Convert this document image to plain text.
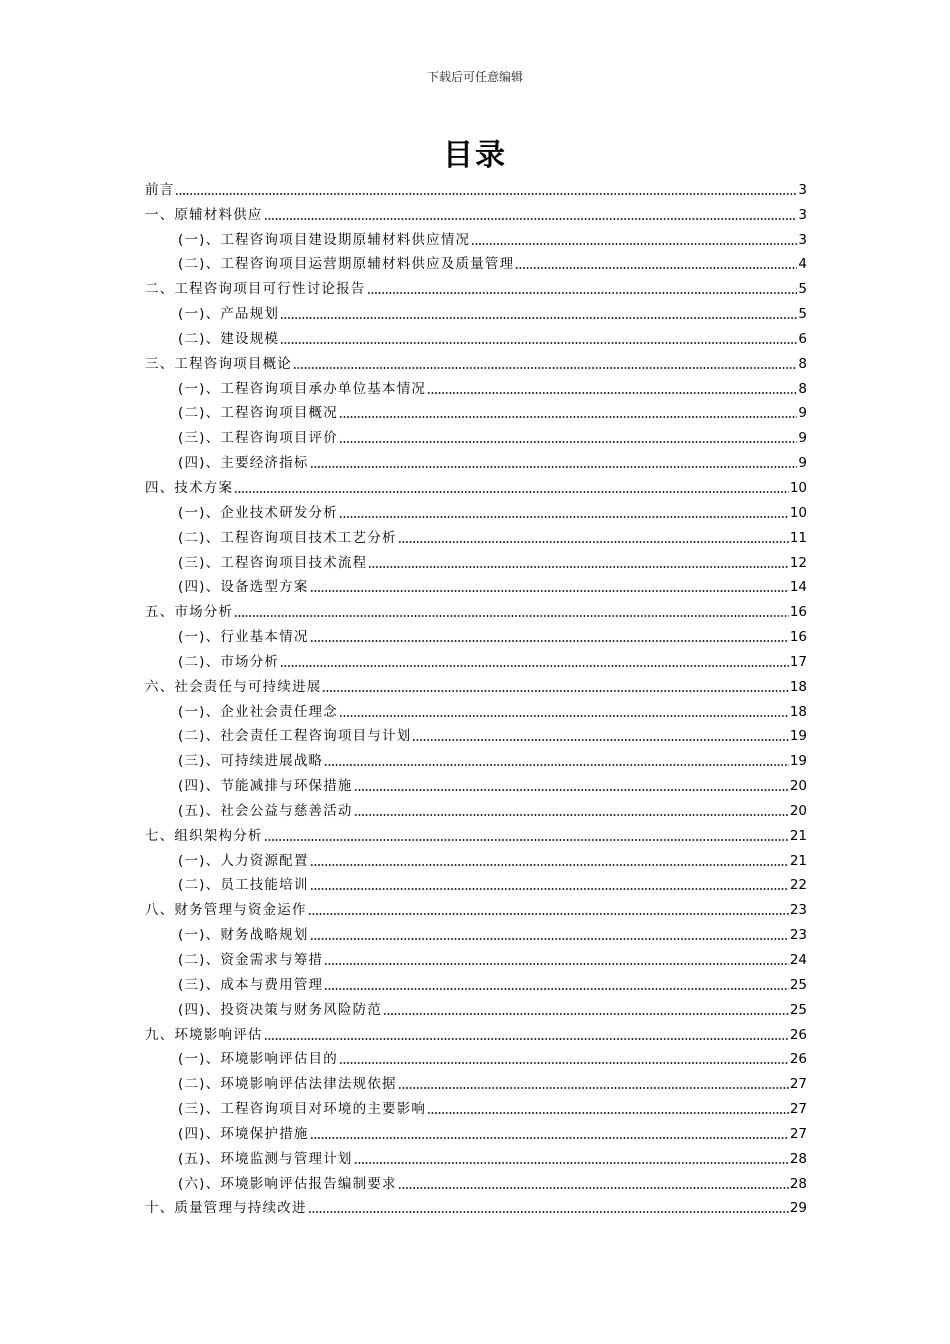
下载后可任意编辑
目录
前言	3
一、原辅材料供应	3
(一)、工程咨询项目建设期原辅材料供应情况	3
(二)、工程咨询项目运营期原辅材料供应及质量管理	4
二、工程咨询项目可行性讨论报告	5
(一)、产品规划	5
(二)、建设规模	6
三、工程咨询项目概论	8
(一)、工程咨询项目承办单位基本情况	8
(二)、工程咨询项目概况	9
(三)、工程咨询项目评价	9
(四)、主要经济指标	9
四、技术方案	10
(一)、企业技术研发分析	10
(二)、工程咨询项目技术工艺分析	11
(三)、工程咨询项目技术流程	12
(四)、设备选型方案	14
五、市场分析	16
(一)、行业基本情况	16
(二)、市场分析	17
六、社会责任与可持续进展	18
(一)、企业社会责任理念	18
(二)、社会责任工程咨询项目与计划	19
(三)、可持续进展战略	19
(四)、节能减排与环保措施	20
(五)、社会公益与慈善活动	20
七、组织架构分析	21
(一)、人力资源配置	21
(二)、员工技能培训	22
八、财务管理与资金运作	23
(一)、财务战略规划	23
(二)、资金需求与筹措	24
(三)、成本与费用管理	25
(四)、投资决策与财务风险防范	25
九、环境影响评估	26
(一)、环境影响评估目的	26
(二)、环境影响评估法律法规依据	27
(三)、工程咨询项目对环境的主要影响	27
(四)、环境保护措施	27
(五)、环境监测与管理计划	28
(六)、环境影响评估报告编制要求	28
十、质量管理与持续改进	29
